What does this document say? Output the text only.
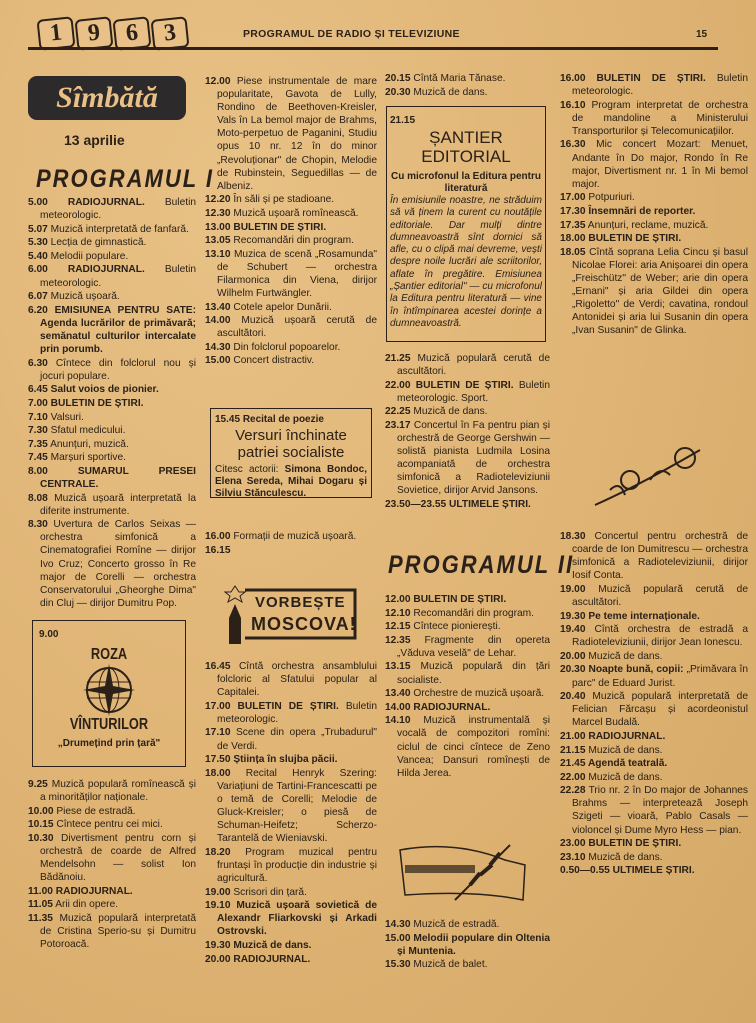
1 9 6 3	PROGRAMUL DE RADIO ȘI TELEVIZIUNE	15
Sîmbătă
13 aprilie
PROGRAMUL I
5.00 RADIOJURNAL. Buletin meteorologic.
5.07 Muzică interpretată de fanfară.
5.30 Lecția de gimnastică.
5.40 Melodii populare.
6.00 RADIOJURNAL. Buletin meteorologic.
6.07 Muzică ușoară.
6.20 EMISIUNEA PENTRU SATE: Agenda lucrărilor de primăvară; semănatul culturilor intercalate prin porumb.
6.30 Cîntece din folclorul nou și jocuri populare.
6.45 Salut voios de pionier.
7.00 BULETIN DE ȘTIRI.
7.10 Valsuri.
7.30 Sfatul medicului.
7.35 Anunțuri, muzică.
7.45 Marșuri sportive.
8.00 SUMARUL PRESEI CENTRALE.
8.08 Muzică ușoară interpretată la diferite instrumente.
8.30 Uvertura de Carlos Seixas — orchestra simfonică a Cinematografiei Romîne — dirijor Ivo Cruz; Concerto grosso în Re major de Corelli — orchestra Conservatorului „Gheorghe Dima" din Cluj — dirijor Dumitru Pop.
9.00
ROZA
VÎNTURILOR
„Drumețind prin țară"
9.25 Muzică populară romînească și a minorităților naționale.
10.00 Piese de estradă.
10.15 Cîntece pentru cei mici.
10.30 Divertisment pentru corn și orchestră de coarde de Alfred Mendelsohn — solist Ion Bădănoiu.
11.00 RADIOJURNAL.
11.05 Arii din opere.
11.35 Muzică populară interpretată de Cristina Sperio-su și Dumitru Potoroacă.
12.00 Piese instrumentale de mare popularitate, Gavota de Lully, Rondino de Beethoven-Kreisler, Vals în La bemol major de Brahms, Moto-perpetuo de Paganini, Studiu opus 10 nr. 12 în do minor „Revoluționar" de Chopin, Melodie de Rubinstein, Seguedillas — de Albeniz.
12.20 În săli și pe stadioane.
12.30 Muzică ușoară romînească.
13.00 BULETIN DE ȘTIRI.
13.05 Recomandări din program.
13.10 Muzica de scenă „Rosamunda" de Schubert — orchestra Filarmonica din Viena, dirijor Wilhelm Furtwängler.
13.40 Cotele apelor Dunării.
14.00 Muzică ușoară cerută de ascultători.
14.30 Din folclorul popoarelor.
15.00 Concert distractiv.
15.45 Recital de poezie
Versuri închinate patriei socialiste
Citesc actorii: Simona Bondoc, Elena Sereda, Mihai Dogaru și Silviu Stănculescu.
16.00 Formații de muzică ușoară.
16.15
VORBEȘTE
MOSCOVA!
16.45 Cîntă orchestra ansamblului folcloric al Sfatului popular al Capitalei.
17.00 BULETIN DE ȘTIRI. Buletin meteorologic.
17.10 Scene din opera „Trubadurul" de Verdi.
17.50 Știința în slujba păcii.
18.00 Recital Henryk Szering: Variațiuni de Tartini-Francescatti pe o temă de Corelli; Melodie de Gluck-Kreisler; o piesă de Schuman-Heifetz; Scherzo-Tarantelă de Wieniavski.
18.20 Program muzical pentru fruntași în producție din industrie și agricultură.
19.00 Scrisori din țară.
19.10 Muzică ușoară sovietică de Alexandr Fliarkovski și Arkadi Ostrovski.
19.30 Muzică de dans.
20.00 RADIOJURNAL.
20.15 Cîntă Maria Tănase.
20.30 Muzică de dans.
21.15
ȘANTIER EDITORIAL
Cu microfonul la Editura pentru literatură
În emisiunile noastre, ne străduim să vă ținem la curent cu noutățile editoriale. Dar mulți dintre dumneavoastră sînt dornici să afle, cu o clipă mai devreme, vești despre noile lucrări ale scriitorilor, aflate în pregătire. Emisiunea „Șantier editorial" — cu microfonul la Editura pentru literatură — vine în întîmpinarea acestei dorințe a dumneavoastră.
21.25 Muzică populară cerută de ascultători.
22.00 BULETIN DE ȘTIRI. Buletin meteorologic. Sport.
22.25 Muzică de dans.
23.17 Concertul în Fa pentru pian și orchestră de George Gershwin — solistă pianista Ludmila Losina acompaniată de orchestra simfonică a Radioteleviziunii Sovietice, dirijor Arvid Jansons.
23.50—23.55 ULTIMELE ȘTIRI.
PROGRAMUL II
12.00 BULETIN DE ȘTIRI.
12.10 Recomandări din program.
12.15 Cîntece pionierești.
12.35 Fragmente din opereta „Văduva veselă" de Lehar.
13.15 Muzică populară din țări socialiste.
13.40 Orchestre de muzică ușoară.
14.00 RADIOJURNAL.
14.10 Muzică instrumentală și vocală de compozitori romîni: ciclul de cinci cîntece de Zeno Vancea; Dansuri romînești de Hilda Jerea.
14.30 Muzică de estradă.
15.00 Melodii populare din Oltenia și Muntenia.
15.30 Muzică de balet.
16.00 BULETIN DE ȘTIRI. Buletin meteorologic.
16.10 Program interpretat de orchestra de mandoline a Ministerului Transporturilor și Telecomunicațiilor.
16.30 Mic concert Mozart: Menuet, Andante în Do major, Rondo în Re major, Divertisment nr. 1 în Mi bemol major.
17.00 Potpuriuri.
17.30 Însemnări de reporter.
17.35 Anunțuri, reclame, muzică.
18.00 BULETIN DE ȘTIRI.
18.05 Cîntă soprana Lelia Cincu și basul Nicolae Florei: aria Anișoarei din opera „Freischütz" de Weber; arie din opera „Ernani" și aria Gildei din opera „Rigoletto" de Verdi; cavatina, rondoul Antonidei și aria lui Susanin din opera „Ivan Susanin" de Glinka.
18.30 Concertul pentru orchestră de coarde de Ion Dumitrescu — orchestra simfonică a Radioteleviziunii, dirijor Iosif Conta.
19.00 Muzică populară cerută de ascultători.
19.30 Pe teme internaționale.
19.40 Cîntă orchestra de estradă a Radioteleviziunii, dirijor Jean Ionescu.
20.00 Muzică de dans.
20.30 Noapte bună, copii: „Primăvara în parc" de Eduard Jurist.
20.40 Muzică populară interpretată de Felician Fărcașu și acordeonistul Marcel Budală.
21.00 RADIOJURNAL.
21.15 Muzică de dans.
21.45 Agendă teatrală.
22.00 Muzică de dans.
22.28 Trio nr. 2 în Do major de Johannes Brahms — interpretează Joseph Szigeti — vioară, Pablo Casals — violoncel și Dume Myro Hess — pian.
23.00 BULETIN DE ȘTIRI.
23.10 Muzică de dans.
0.50—0.55 ULTIMELE ȘTIRI.
